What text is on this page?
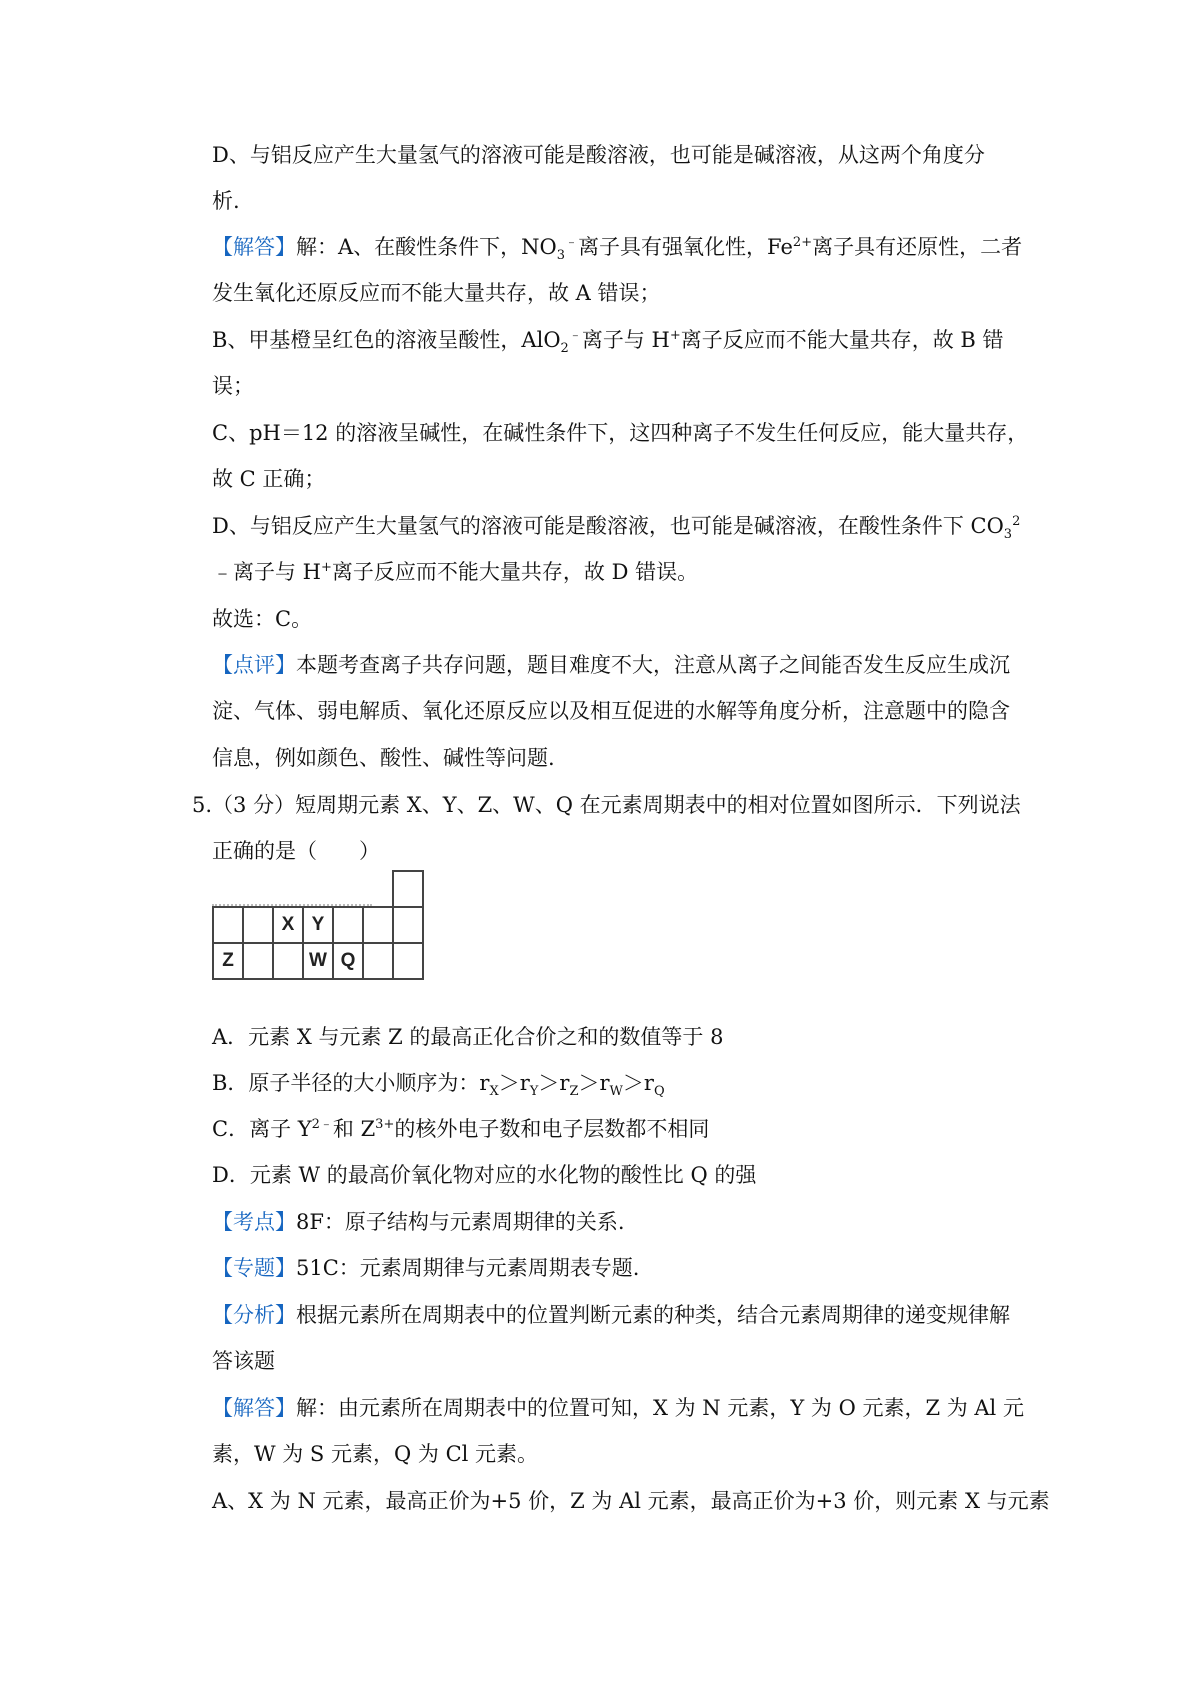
D、与铝反应产生大量氢气的溶液可能是酸溶液，也可能是碱溶液，从这两个角度分
析.
【解答】解：A、在酸性条件下，$NO_3^﹣$离子具有强氧化性，$Fe^{2+}$离子具有还原性，二者
发生氧化还原反应而不能大量共存，故 A 错误；
B、甲基橙呈红色的溶液呈酸性，AlO$_2$﹣离子与 H+离子反应而不能大量共存，故 B 错
误；
C、pH＝12 的溶液呈碱性，在碱性条件下，这四种离子不发生任何反应，能大量共存，
故 C 正确；
D、与铝反应产生大量氢气的溶液可能是酸溶液，也可能是碱溶液，在酸性条件下 $CO_3^2$
﹣离子与 H+离子反应而不能大量共存，故 D 错误。
故选：C。
【点评】本题考查离子共存问题，题目难度不大，注意从离子之间能否发生反应生成沉
淀、气体、弱电解质、氧化还原反应以及相互促进的水解等角度分析，注意题中的隐含
信息，例如颜色、酸性、碱性等问题.
5.（3 分）短周期元素 X、Y、Z、W、Q 在元素周期表中的相对位置如图所示．下列说法
正确的是（　　）
X Y
Z	W Q
A．元素 X 与元素 Z 的最高正化合价之和的数值等于 8
B．原子半径的大小顺序为：$r_X>r_Y>r_Z>r_W>r_Q$
C．离子 $Y^{2﹣}$和 $Z^{3+}$的核外电子数和电子层数都不相同
D．元素 W 的最高价氧化物对应的水化物的酸性比 Q 的强
【考点】8F：原子结构与元素周期律的关系.
【专题】51C：元素周期律与元素周期表专题.
【分析】根据元素所在周期表中的位置判断元素的种类，结合元素周期律的递变规律解
答该题
【解答】解：由元素所在周期表中的位置可知，X 为 N 元素，Y 为 O 元素，Z 为 Al 元
素，W 为 S 元素，Q 为 Cl 元素。
A、X 为 N 元素，最高正价为+5 价，Z 为 Al 元素，最高正价为+3 价，则元素 X 与元素
